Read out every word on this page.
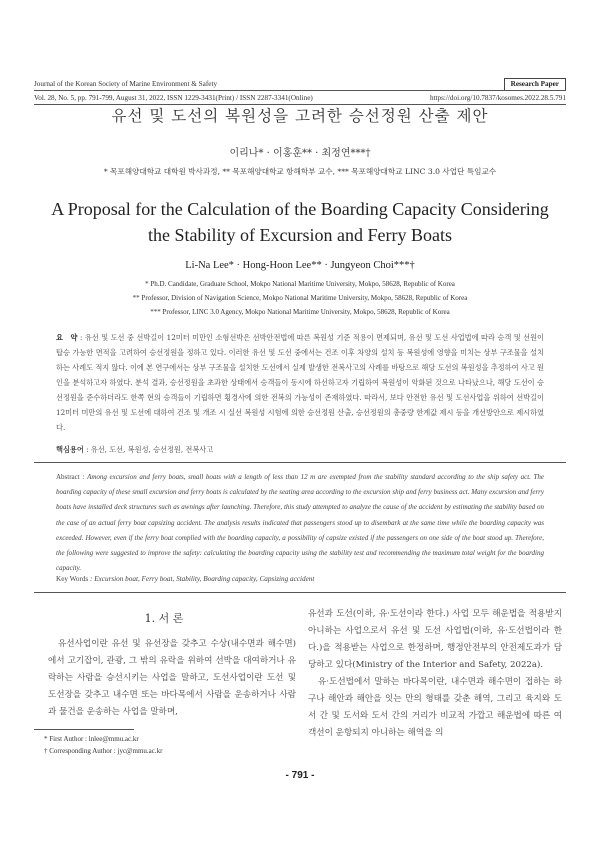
Journal of the Korean Society of Marine Environment & Safety	Research Paper
Vol. 28, No. 5, pp. 791-799, August 31, 2022, ISSN 1229-3431(Print) / ISSN 2287-3341(Online)	https://doi.org/10.7837/kosomes.2022.28.5.791
유선 및 도선의 복원성을 고려한 승선정원 산출 제안
이리나* · 이홍훈** · 최정연***†
* 목포해양대학교 대학원 박사과정, ** 목포해양대학교 항해학부 교수, *** 목포해양대학교 LINC 3.0 사업단 특임교수
A Proposal for the Calculation of the Boarding Capacity Considering the Stability of Excursion and Ferry Boats
Li-Na Lee* · Hong-Hoon Lee** · Jungyeon Choi***†
* Ph.D. Candidate, Graduate School, Mokpo National Maritime University, Mokpo, 58628, Republic of Korea
** Professor, Division of Navigation Science, Mokpo National Maritime University, Mokpo, 58628, Republic of Korea
*** Professor, LINC 3.0 Agency, Mokpo National Maritime University, Mokpo, 58628, Republic of Korea
요　약 : 유선 및 도선 중 선박길이 12미터 미만인 소형선박은 선박안전법에 따른 복원성 기준 적용이 면제되며, 유선 및 도선 사업법에 따라 승객 및 선원이 탑승 가능한 면적을 고려하여 승선정원을 정하고 있다. 이러한 유선 및 도선 중에서는 건조 이후 차양의 설치 등 복원성에 영향을 미치는 상부 구조물을 설치하는 사례도 적지 않다. 이에 본 연구에서는 상부 구조물을 설치한 도선에서 실제 발생한 전복사고의 사례를 바탕으로 해당 도선의 복원성을 추정하여 사고 원인을 분석하고자 하였다. 분석 결과, 승선정원을 초과한 상태에서 승객들이 동시에 하선하고자 기립하여 복원성이 악화된 것으로 나타났으나, 해당 도선이 승선정원을 준수하더라도 한쪽 현의 승객들이 기립하면 횡경사에 의한 전복의 가능성이 존재하였다. 따라서, 보다 안전한 유선 및 도선사업을 위하여 선박길이 12미터 미만의 유선 및 도선에 대하여 건조 및 개조 시 실선 복원성 시험에 의한 승선정원 산출, 승선정원의 총중량 한계값 제시 등을 개선방안으로 제시하였다.
핵심용어 : 유선, 도선, 복원성, 승선정원, 전복사고
Abstract : Among excursion and ferry boats, small boats with a length of less than 12 m are exempted from the stability standard according to the ship safety act. The boarding capacity of these small excursion and ferry boats is calculated by the seating area according to the excursion ship and ferry business act. Many excursion and ferry boats have installed deck structures such as awnings after launching. Therefore, this study attempted to analyze the cause of the accident by estimating the stability based on the case of an actual ferry boat capsizing accident. The analysis results indicated that passengers stood up to disembark at the same time while the boarding capacity was exceeded. However, even if the ferry boat complied with the boarding capacity, a possibility of capsize existed if the passengers on one side of the boat stood up. Therefore, the following were suggested to improve the safety: calculating the boarding capacity using the stability test and recommending the maximum total weight for the boarding capacity.
Key Words : Excursion boat, Ferry boat, Stability, Boarding capacity, Capsizing accident
1. 서 론
유선사업이란 유선 및 유선장을 갖추고 수상(내수면과 해수면)에서 고기잡이, 관광, 그 밖의 유락을 위하여 선박을 대여하거나 유락하는 사람을 승선시키는 사업을 말하고, 도선사업이란 도선 및 도선장을 갖추고 내수면 또는 바다목에서 사람을 운송하거나 사람과 물건을 운송하는 사업을 말하며,

유선과 도선(이하, 유·도선이라 한다.) 사업 모두 해운법을 적용받지 아니하는 사업으로서 유선 및 도선 사업법(이하, 유·도선법이라 한다.)을 적용받는 사업으로 한정하며, 행정안전부의 안전제도과가 담당하고 있다(Ministry of the Interior and Safety, 2022a).

유·도선법에서 말하는 바다목이란, 내수면과 해수면이 접하는 하구나 해안과 해안을 잇는 만의 형태를 갖춘 해역, 그리고 육지와 도서 간 및 도서와 도서 간의 거리가 비교적 가깝고 해운법에 따른 여객선이 운항되지 아니하는 해역을 의

* First Author : lnlee@mmu.ac.kr
† Corresponding Author : jyc@mmu.ac.kr
- 791 -
